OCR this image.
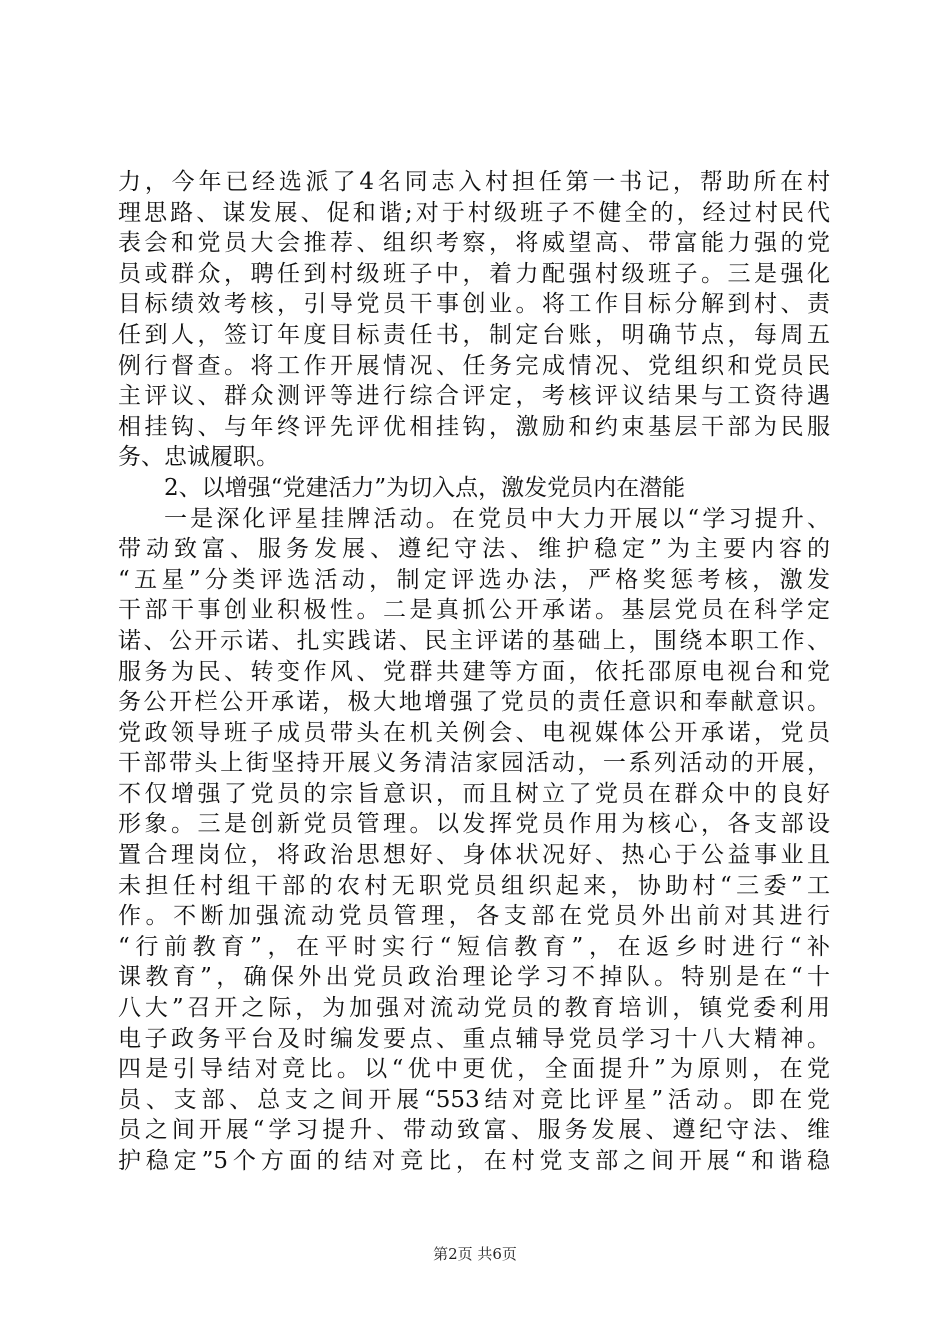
力，今年已经选派了4名同志入村担任第一书记，帮助所在村
理思路、谋发展、促和谐;对于村级班子不健全的，经过村民代
表会和党员大会推荐、组织考察，将威望高、带富能力强的党
员或群众，聘任到村级班子中，着力配强村级班子。三是强化
目标绩效考核，引导党员干事创业。将工作目标分解到村、责
任到人，签订年度目标责任书，制定台账，明确节点，每周五
例行督查。将工作开展情况、任务完成情况、党组织和党员民
主评议、群众测评等进行综合评定，考核评议结果与工资待遇
相挂钩、与年终评先评优相挂钩，激励和约束基层干部为民服
务、忠诚履职。
2、以增强“党建活力”为切入点，激发党员内在潜能
一是深化评星挂牌活动。在党员中大力开展以“学习提升、
带动致富、服务发展、遵纪守法、维护稳定”为主要内容的
“五星”分类评选活动，制定评选办法，严格奖惩考核，激发
干部干事创业积极性。二是真抓公开承诺。基层党员在科学定
诺、公开示诺、扎实践诺、民主评诺的基础上，围绕本职工作、
服务为民、转变作风、党群共建等方面，依托邵原电视台和党
务公开栏公开承诺，极大地增强了党员的责任意识和奉献意识。
党政领导班子成员带头在机关例会、电视媒体公开承诺，党员
干部带头上街坚持开展义务清洁家园活动，一系列活动的开展，
不仅增强了党员的宗旨意识，而且树立了党员在群众中的良好
形象。三是创新党员管理。以发挥党员作用为核心，各支部设
置合理岗位，将政治思想好、身体状况好、热心于公益事业且
未担任村组干部的农村无职党员组织起来，协助村“三委”工
作。不断加强流动党员管理，各支部在党员外出前对其进行
“行前教育”，在平时实行“短信教育”，在返乡时进行“补
课教育”，确保外出党员政治理论学习不掉队。特别是在“十
八大”召开之际，为加强对流动党员的教育培训，镇党委利用
电子政务平台及时编发要点、重点辅导党员学习十八大精神。
四是引导结对竞比。以“优中更优，全面提升”为原则，在党
员、支部、总支之间开展“553结对竞比评星”活动。即在党
员之间开展“学习提升、带动致富、服务发展、遵纪守法、维
护稳定”5个方面的结对竞比，在村党支部之间开展“和谐稳
第2页 共6页
